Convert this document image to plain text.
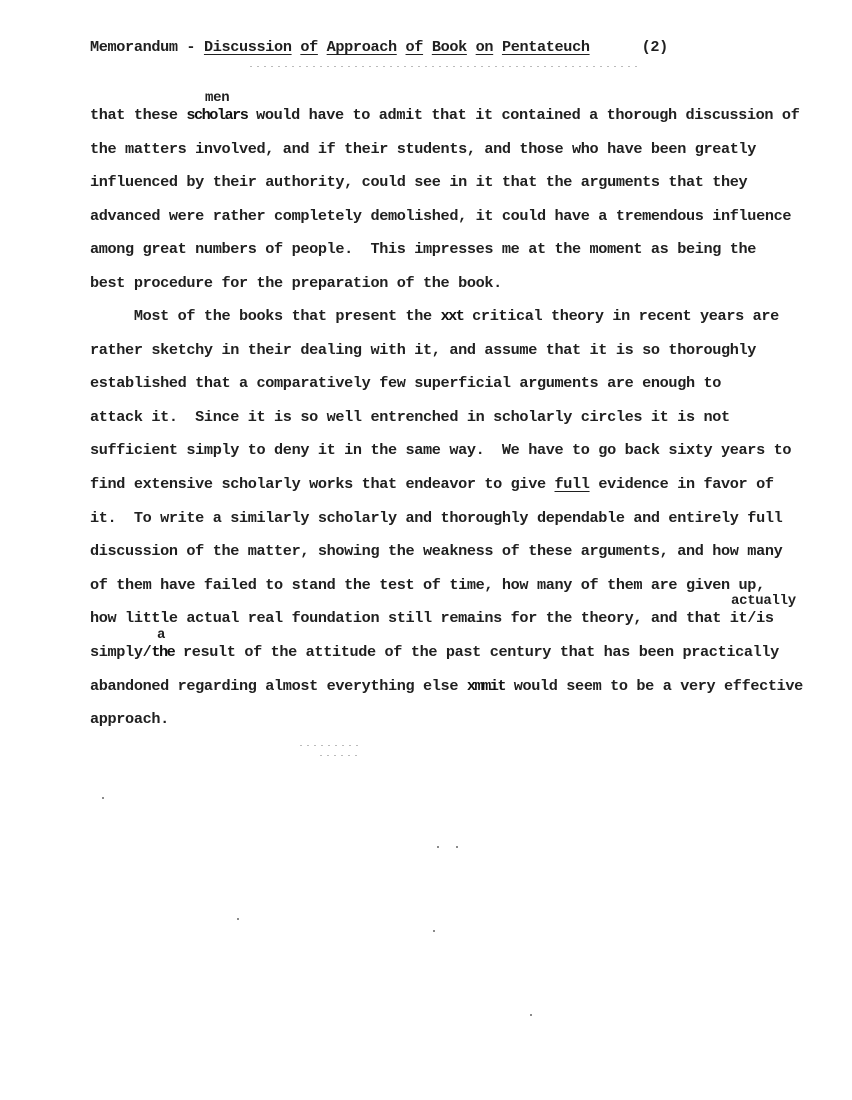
Memorandum - Discussion of Approach of Book on Pentateuch	(2)
men
that these scholars would have to admit that it contained a thorough discussion of
the matters involved, and if their students, and those who have been greatly
influenced by their authority, could see in it that the arguments that they
advanced were rather completely demolished, it could have a tremendous influence
among great numbers of people.  This impresses me at the moment as being the
best procedure for the preparation of the book.
Most of the books that present the xxt critical theory in recent years are
rather sketchy in their dealing with it, and assume that it is so thoroughly
established that a comparatively few superficial arguments are enough to
attack it.  Since it is so well entrenched in scholarly circles it is not
sufficient simply to deny it in the same way.  We have to go back sixty years to
find extensive scholarly works that endeavor to give full evidence in favor of
it.  To write a similarly scholarly and thoroughly dependable and entirely full
discussion of the matter, showing the weakness of these arguments, and how many
of them have failed to stand the test of time, how many of them are given up,
actually
how little actual real foundation still remains for the theory, and that it/is
a
simply/the result of the attitude of the past century that has been practically
abandoned regarding almost everything else xmmit would seem to be a very effective
approach.
